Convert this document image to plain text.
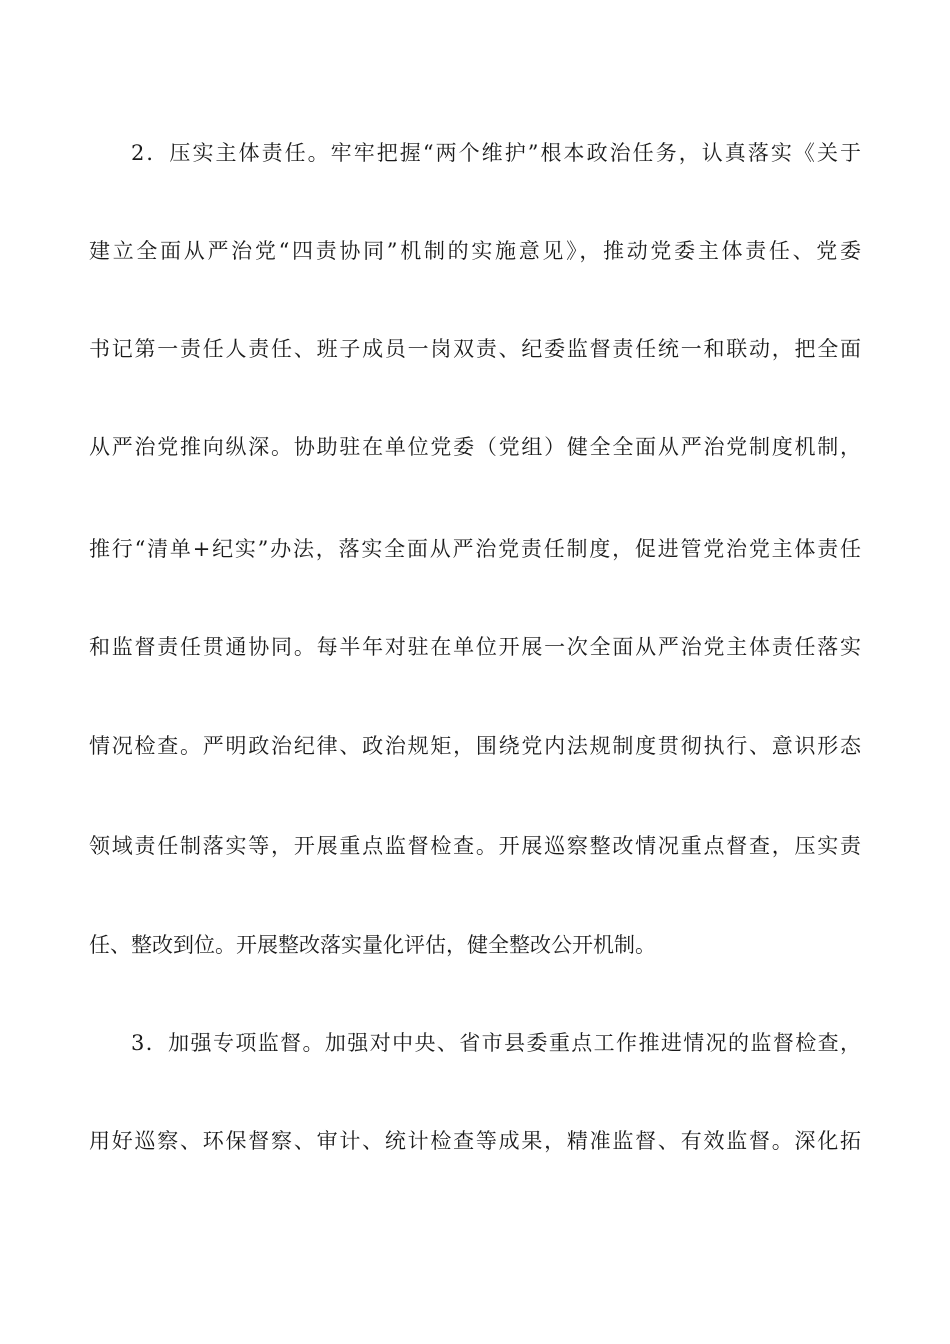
2．压实主体责任。牢牢把握“两个维护”根本政治任务，认真落实《关于
建立全面从严治党“四责协同”机制的实施意见》，推动党委主体责任、党委
书记第一责任人责任、班子成员一岗双责、纪委监督责任统一和联动，把全面
从严治党推向纵深。协助驻在单位党委（党组）健全全面从严治党制度机制，
推行“清单+纪实”办法，落实全面从严治党责任制度，促进管党治党主体责任
和监督责任贯通协同。每半年对驻在单位开展一次全面从严治党主体责任落实
情况检查。严明政治纪律、政治规矩，围绕党内法规制度贯彻执行、意识形态
领域责任制落实等，开展重点监督检查。开展巡察整改情况重点督查，压实责
任、整改到位。开展整改落实量化评估，健全整改公开机制。
3．加强专项监督。加强对中央、省市县委重点工作推进情况的监督检查，
用好巡察、环保督察、审计、统计检查等成果，精准监督、有效监督。深化拓
